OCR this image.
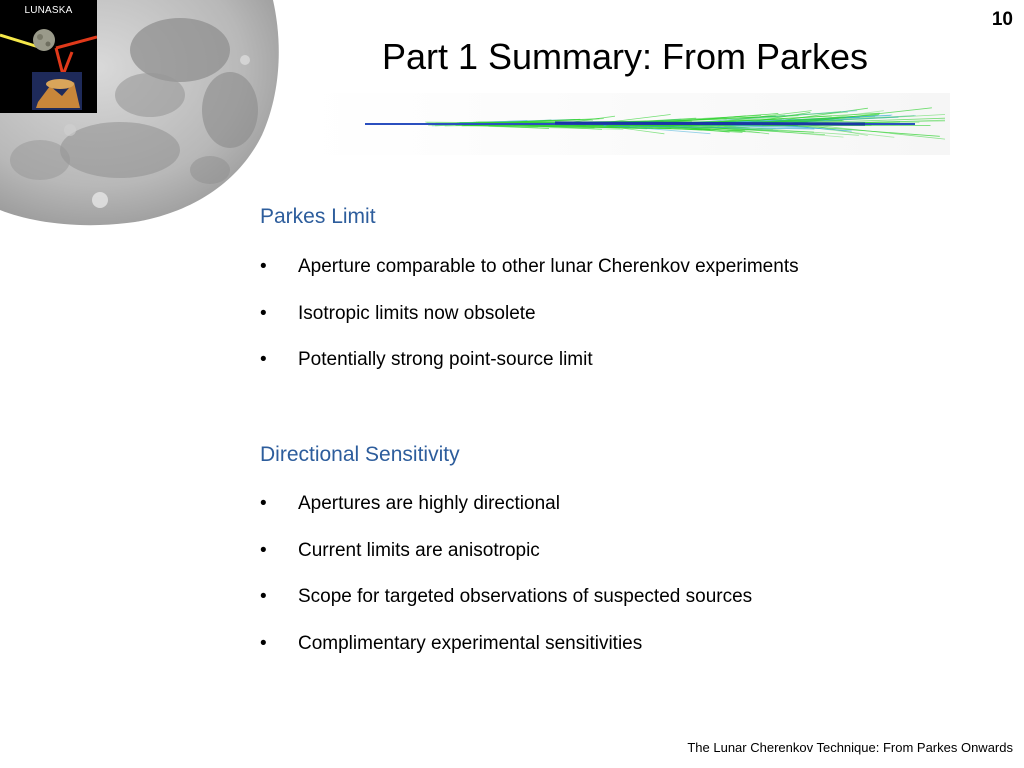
LUNASKA	10
Part 1 Summary: From Parkes
Parkes Limit
• Aperture comparable to other lunar Cherenkov experiments
• Isotropic limits now obsolete
• Potentially strong point-source limit
Directional Sensitivity
• Apertures are highly directional
• Current limits are anisotropic
• Scope for targeted observations of suspected sources
• Complimentary experimental sensitivities
The Lunar Cherenkov Technique: From Parkes Onwards
